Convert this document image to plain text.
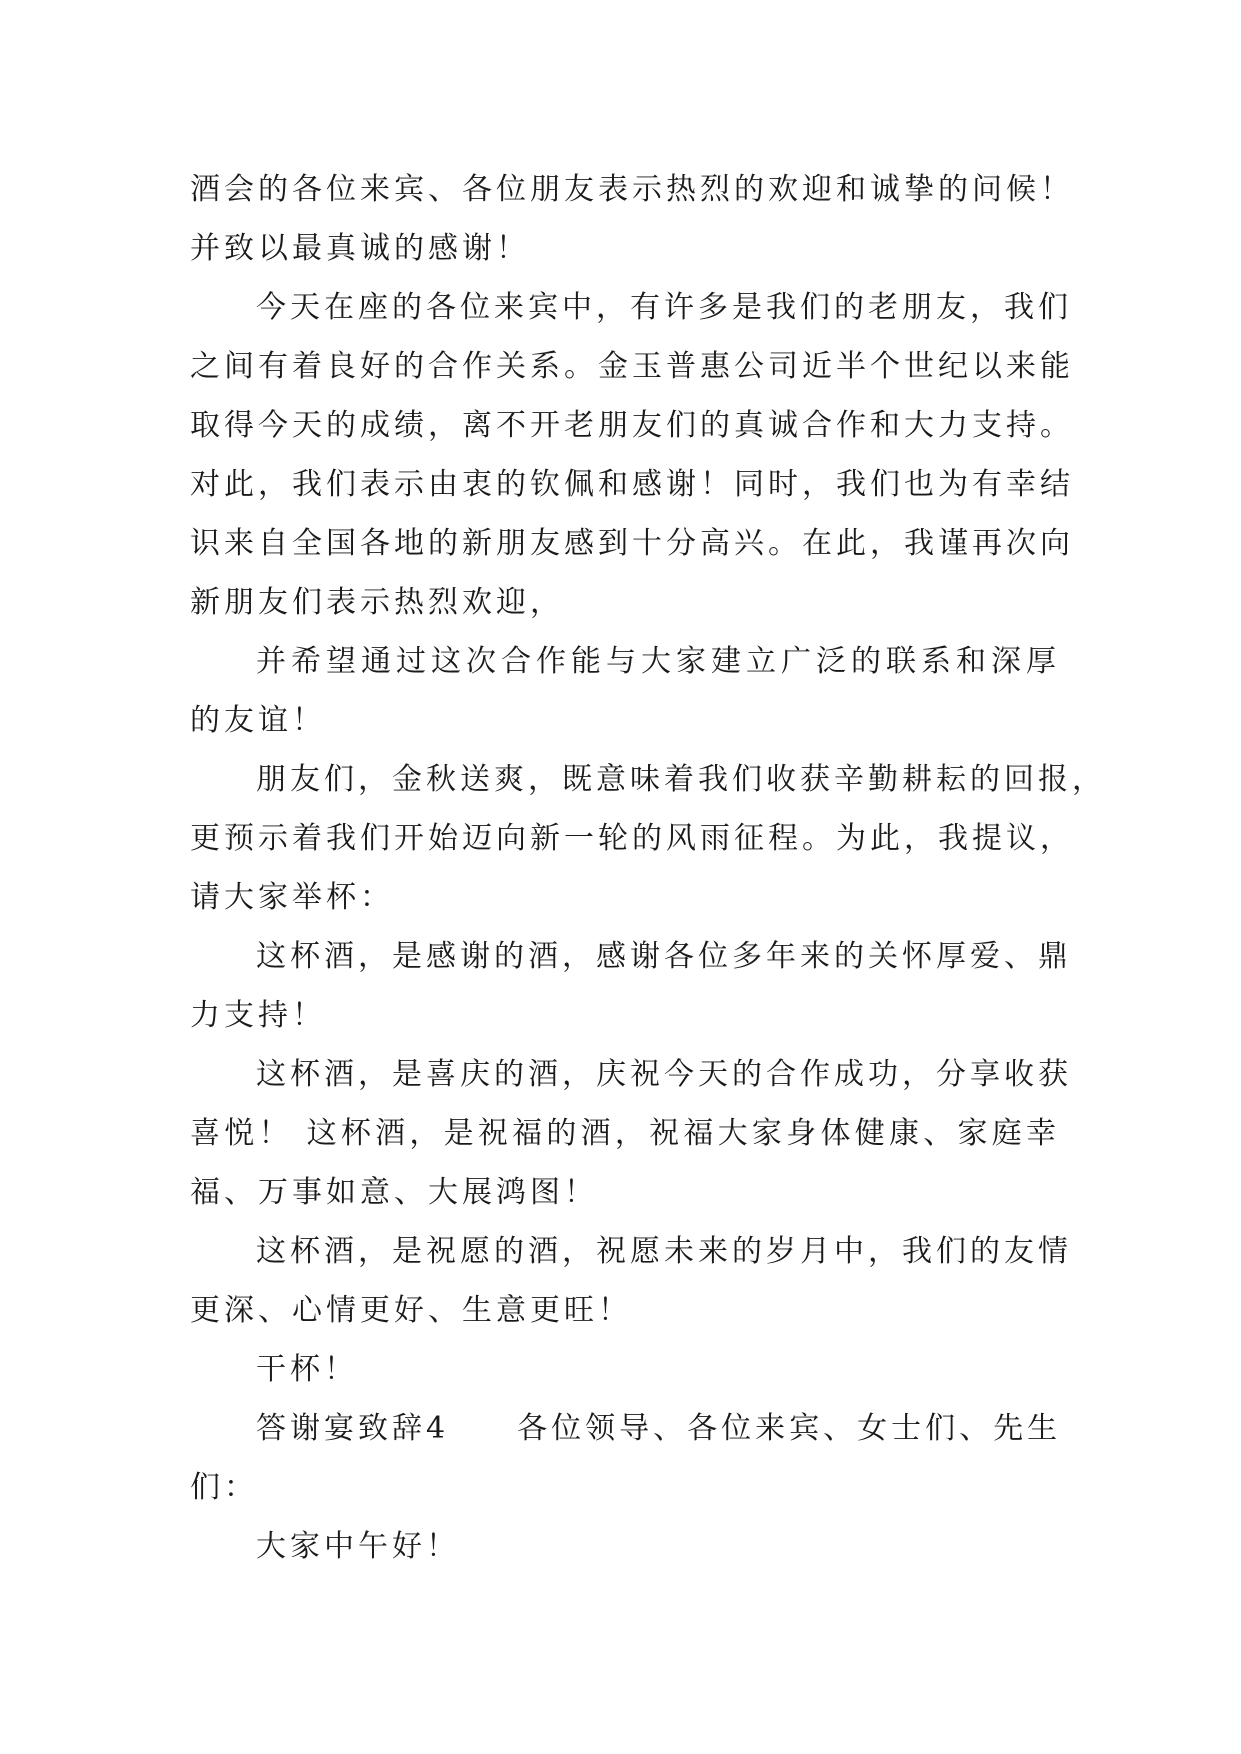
酒会的各位来宾、各位朋友表示热烈的欢迎和诚挚的问候！
并致以最真诚的感谢！
今天在座的各位来宾中，有许多是我们的老朋友，我们
之间有着良好的合作关系。金玉普惠公司近半个世纪以来能
取得今天的成绩，离不开老朋友们的真诚合作和大力支持。
对此，我们表示由衷的钦佩和感谢！同时，我们也为有幸结
识来自全国各地的新朋友感到十分高兴。在此，我谨再次向
新朋友们表示热烈欢迎，
并希望通过这次合作能与大家建立广泛的联系和深厚
的友谊！
朋友们，金秋送爽，既意味着我们收获辛勤耕耘的回报，
更预示着我们开始迈向新一轮的风雨征程。为此，我提议，
请大家举杯：
这杯酒，是感谢的酒，感谢各位多年来的关怀厚爱、鼎
力支持！
这杯酒，是喜庆的酒，庆祝今天的合作成功，分享收获
喜悦！ 这杯酒，是祝福的酒，祝福大家身体健康、家庭幸
福、万事如意、大展鸿图！
这杯酒，是祝愿的酒，祝愿未来的岁月中，我们的友情
更深、心情更好、生意更旺！
干杯！
答谢宴致辞4　　各位领导、各位来宾、女士们、先生
们：
大家中午好！
